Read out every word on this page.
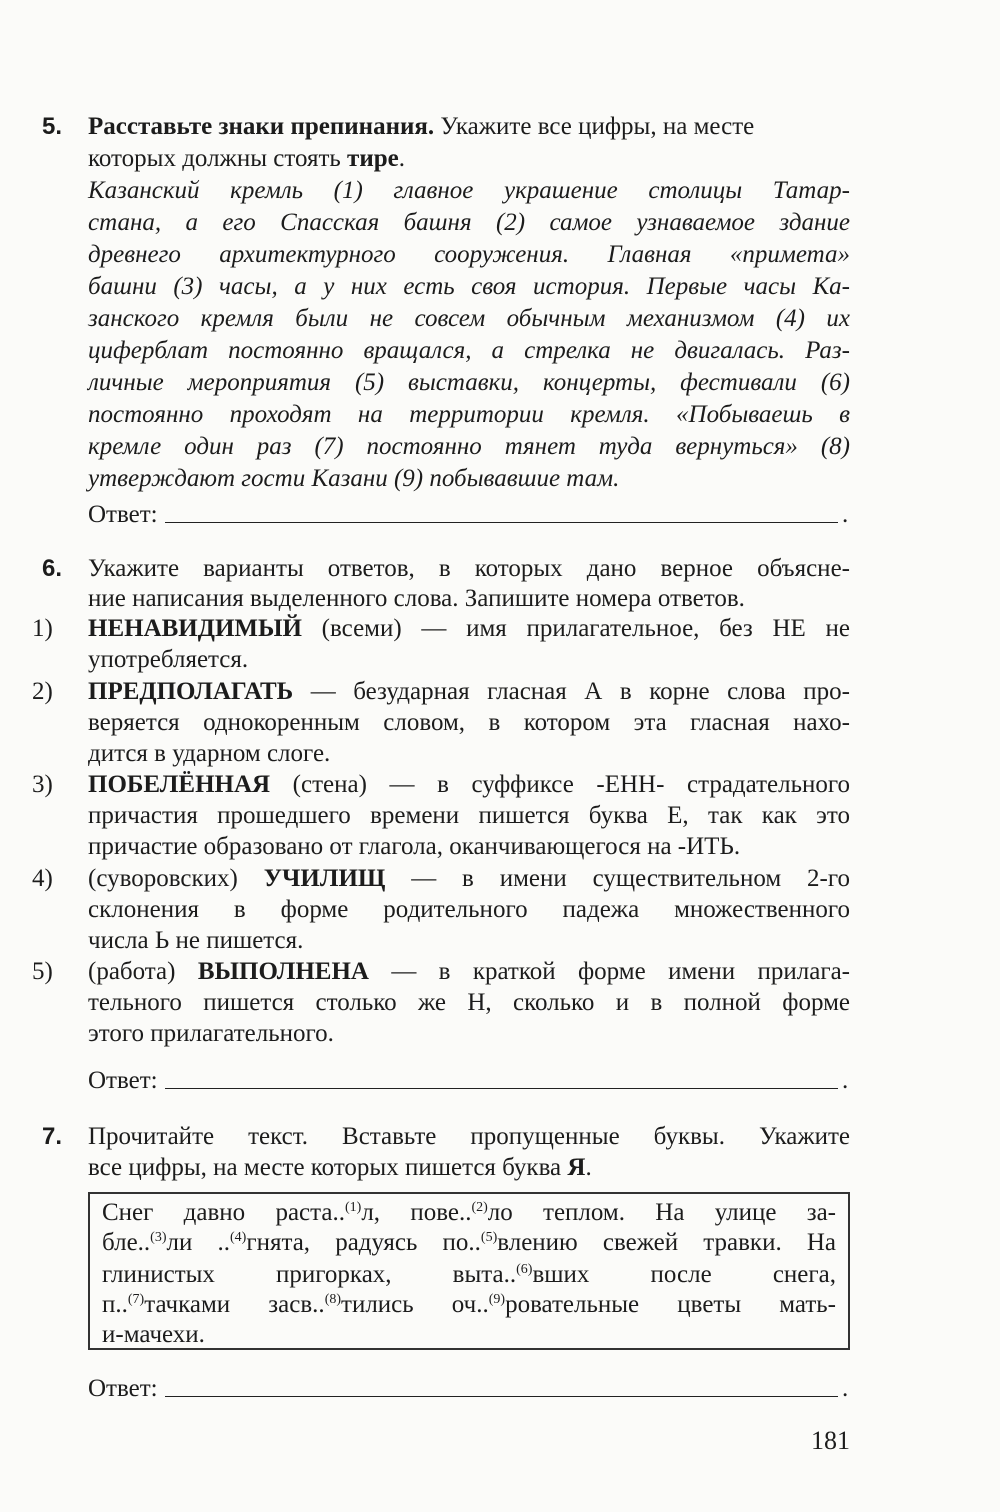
5. Расставьте знаки препинания. Укажите все цифры, на месте
которых должны стоять тире.
Казанский кремль (1) главное украшение столицы Татар-
стана, а его Спасская башня (2) самое узнаваемое здание
древнего архитектурного сооружения. Главная «примета»
башни (3) часы, а у них есть своя история. Первые часы Ка-
занского кремля были не совсем обычным механизмом (4) их
циферблат постоянно вращался, а стрелка не двигалась. Раз-
личные мероприятия (5) выставки, концерты, фестивали (6)
постоянно проходят на территории кремля. «Побываешь в
кремле один раз (7) постоянно тянет туда вернуться» (8)
утверждают гости Казани (9) побывавшие там.
Ответ:	.
6. Укажите варианты ответов, в которых дано верное объясне-
ние написания выделенного слова. Запишите номера ответов.
1) НЕНАВИДИМЫЙ (всеми) — имя прилагательное, без НЕ не
употребляется.
2) ПРЕДПОЛАГАТЬ — безударная гласная А в корне слова про-
веряется однокоренным словом, в котором эта гласная нахо-
дится в ударном слоге.
3) ПОБЕЛЁННАЯ (стена) — в суффиксе -ЕНН- страдательного
причастия прошедшего времени пишется буква Е, так как это
причастие образовано от глагола, оканчивающегося на -ИТЬ.
4) (суворовских) УЧИЛИЩ — в имени существительном 2-го
склонения в форме родительного падежа множественного
числа Ь не пишется.
5) (работа) ВЫПОЛНЕНА — в краткой форме имени прилага-
тельного пишется столько же Н, сколько и в полной форме
этого прилагательного.
Ответ:	.
7. Прочитайте текст. Вставьте пропущенные буквы. Укажите
все цифры, на месте которых пишется буква Я.
Снег давно раста..$^{(1)}$л, пове..$^{(2)}$ло теплом. На улице за-
бле..$^{(3)}$ли ..$^{(4)}$гнята, радуясь по..$^{(5)}$влению свежей травки. На
глинистых пригорках, выта..$^{(6)}$вших после снега,
п..$^{(7)}$тачками засв..$^{(8)}$тились оч..$^{(9)}$ровательные цветы мать-
и-мачехи.
Ответ:	.
181
